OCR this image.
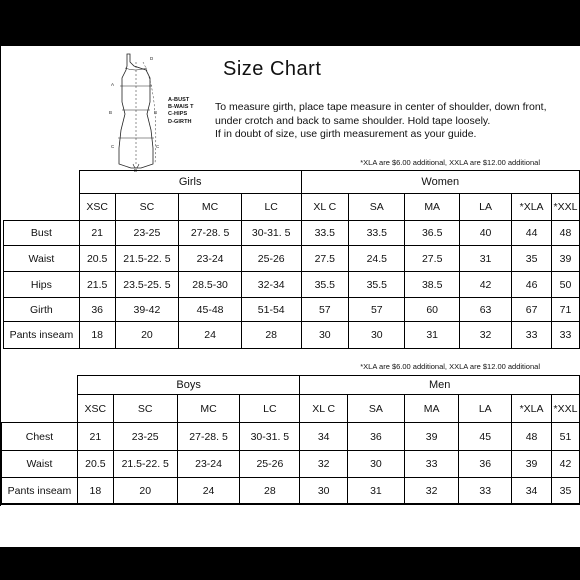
D
A
B
C
B
C
D
A-BUST
B-WAIS T
C-HIPS
D-GIRTH
Size Chart
To measure girth, place tape measure in center of shoulder, down front,
under crotch and back to same shoulder. Hold tape loosely.
If in doubt of size, use girth measurement as your guide.
*XLA are $6.00 additional, XXLA are $12.00 additional
	Girls				Women					
	XSC	SC	MC	LC	XL C	SA	MA	LA	*XLA	*XXL
Bust	21	23-25	27-28. 5	30-31. 5	33.5	33.5	36.5	40	44	48
Waist	20.5	21.5-22. 5	23-24	25-26	27.5	24.5	27.5	31	35	39
Hips	21.5	23.5-25. 5	28.5-30	32-34	35.5	35.5	38.5	42	46	50
Girth	36	39-42	45-48	51-54	57	57	60	63	67	71
Pants inseam	18	20	24	28	30	30	31	32	33	33
*XLA are $6.00 additional, XXLA are $12.00 additional
	Boys				Men					
	XSC	SC	MC	LC	XL C	SA	MA	LA	*XLA	*XXL
Chest	21	23-25	27-28. 5	30-31. 5	34	36	39	45	48	51
Waist	20.5	21.5-22. 5	23-24	25-26	32	30	33	36	39	42
Pants inseam	18	20	24	28	30	31	32	33	34	35
